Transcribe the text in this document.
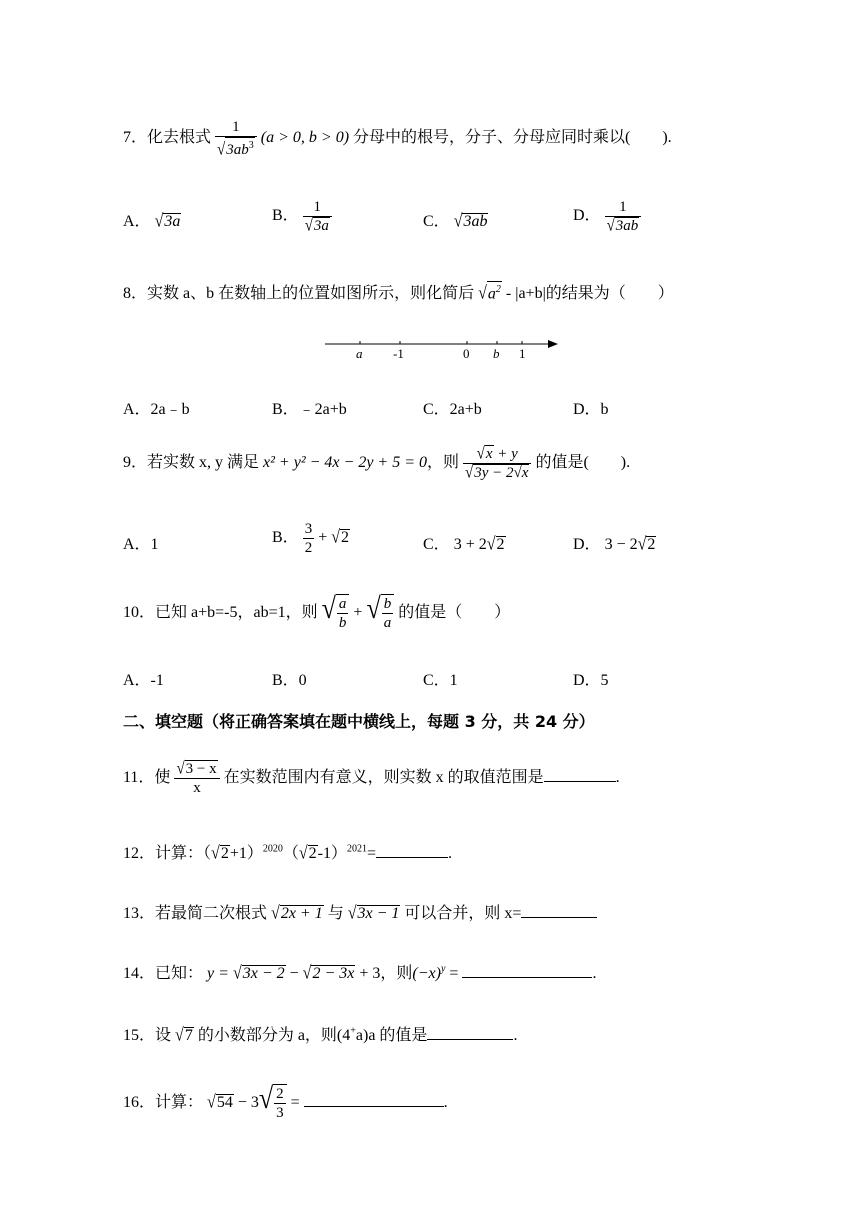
7．化去根式 $\frac{1}{√3ab^3} (a > 0$, b > 0) 分母中的根号，分子、分母应同时乘以(　　).
A． √3a	B． $\frac{1}{√3a}$	C． √3ab	D． $\frac{1}{√3ab}$
8．实数 a、b 在数轴上的位置如图所示，则化简后 $√a^2 - |a+b|$的结果为（　　）
a -1	0 b 1
A．2a﹣b	B．﹣2a+b	C．2a+b	D．b
9．若实数 x, y 满足 x² + y² − 4x − 2y + 5 = 0，则 $\frac{√x + y}{√3y - 2√x}$ 的值是(　　).
A．1	B． $\frac{3}{2} + √2$	C． 3 + 2√2	D． 3 − 2√2
10．已知 a+b=-5，ab=1，则 √ $\frac{a}{b}$ + √ $\frac{b}{a}$ 的值是（　　）
A．-1	B．0	C．1	D．5
二、填空题（将正确答案填在题中横线上，每题 3 分，共 24 分）
11．使 $\frac{√3 - x}{x}$ 在实数范围内有意义，则实数 x 的取值范围是	.
12．计算：$(√2+1)^{2020}(√2-1)^{2021}=$	.
13．若最简二次根式 √2x + 1 与 √3x − 1 可以合并，则 x=
14．已知： y = √3x − 2 − √2 − 3x + 3，则$(-x)^y$ =	.
15．设 √7 的小数部分为 a，则(4+a)a 的值是	.
16．计算： $√54 - 3√ \frac{2}{3}$ =	.
